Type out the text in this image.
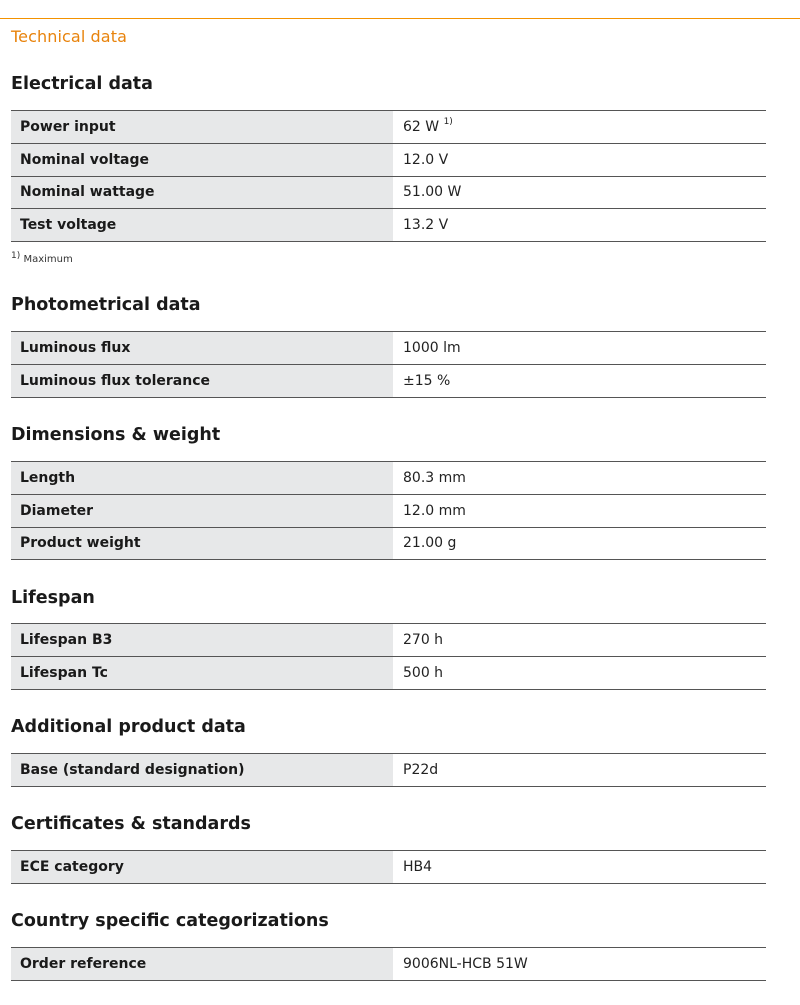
Technical data
Electrical data
Power input	62 W $^{1)}$
Nominal voltage	12.0 V
Nominal wattage	51.00 W
Test voltage	13.2 V
$^{1)}$ Maximum
Photometrical data
Luminous flux	1000 lm
Luminous flux tolerance	±15 %
Dimensions & weight
Length	80.3 mm
Diameter	12.0 mm
Product weight	21.00 g
Lifespan
Lifespan B3	270 h
Lifespan Tc	500 h
Additional product data
Base (standard designation)	P22d
Certificates & standards
ECE category	HB4
Country specific categorizations
Order reference	9006NL-HCB 51W
